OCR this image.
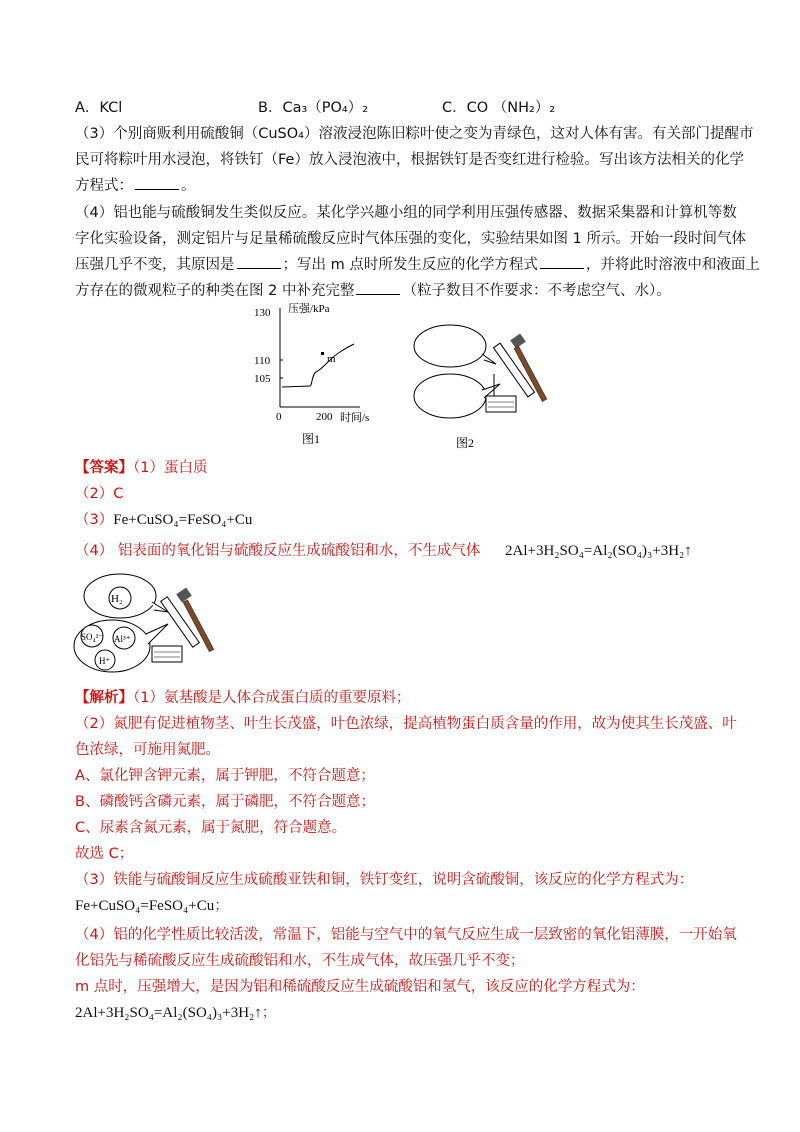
A．KCl	B．Ca₃（PO₄）₂	C．CO （NH₂）₂
（3）个别商贩利用硫酸铜（CuSO₄）溶液浸泡陈旧粽叶使之变为青绿色，这对人体有害。有关部门提醒市
民可将粽叶用水浸泡，将铁钉（Fe）放入浸泡液中，根据铁钉是否变红进行检验。写出该方法相关的化学
方程式：	。
（4）铝也能与硫酸铜发生类似反应。某化学兴趣小组的同学利用压强传感器、数据采集器和计算机等数
字化实验设备，测定铝片与足量稀硫酸反应时气体压强的变化，实验结果如图 1 所示。开始一段时间气体
压强几乎不变，其原因是	；写出 m 点时所发生反应的化学方程式	，并将此时溶液中和液面上
方存在的微观粒子的种类在图 2 中补充完整	（粒子数目不作要求：不考虑空气、水）。
压强/kPa
130
110
105
m
0	200 时间/s
图1	图2
【答案】（1）蛋白质
（2）C
（3）Fe+CuSO₄=FeSO₄+Cu
（4） 铝表面的氧化铝与硫酸反应生成硫酸铝和水，不生成气体 2Al+3H₂SO₄=Al₂(SO₄)₃+3H₂↑
H₂
SO₄²⁻ Al³⁺
H⁺
【解析】（1）氨基酸是人体合成蛋白质的重要原料；
（2）氮肥有促进植物茎、叶生长茂盛，叶色浓绿，提高植物蛋白质含量的作用，故为使其生长茂盛、叶
色浓绿，可施用氮肥。
A、氯化钾含钾元素，属于钾肥，不符合题意；
B、磷酸钙含磷元素，属于磷肥，不符合题意；
C、尿素含氮元素，属于氮肥，符合题意。
故选 C；
（3）铁能与硫酸铜反应生成硫酸亚铁和铜，铁钉变红，说明含硫酸铜，该反应的化学方程式为：
Fe+CuSO₄=FeSO₄+Cu；
（4）铝的化学性质比较活泼，常温下，铝能与空气中的氧气反应生成一层致密的氧化铝薄膜，一开始氧
化铝先与稀硫酸反应生成硫酸铝和水，不生成气体，故压强几乎不变；
m 点时，压强增大，是因为铝和稀硫酸反应生成硫酸铝和氢气，该反应的化学方程式为：
2Al+3H₂SO₄=Al₂(SO₄)₃+3H₂↑；
